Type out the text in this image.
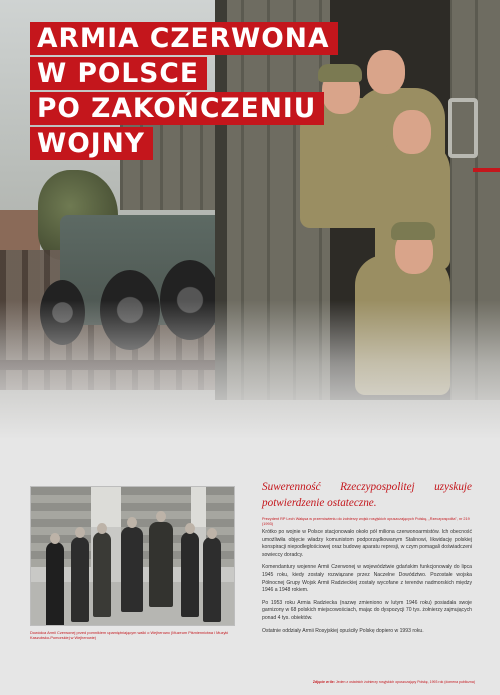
ARMIA CZERWONA
W POLSCE
PO ZAKOŃCZENIU
WOJNY
Dowódca Armii Czerwonej przed pomnikiem upamiętniającym walki o Wejherowo (Muzeum Piśmiennictwa i Muzyki Kaszubsko-Pomorskiej w Wejherowie)
Suwerenność Rzeczypospolitej uzyskuje potwierdzenie ostateczne.
Prezydent RP Lech Wałęsa w przemówieniu do żołnierzy wojsk rosyjskich opuszczających Polskę, „Rzeczpospolita", nr 219 (1993)

Krótko po wojnie w Polsce stacjonowało około pół miliona czerwonoarmistów. Ich obecność umożliwiła objęcie władzy komunistom podporządkowanym Stalinowi, likwidację polskiej konspiracji niepodległościowej oraz budowę aparatu represji, w czym pomagali doświadczeni sowieccy doradcy.

Komendantury wojenne Armii Czerwonej w województwie gdańskim funkcjonowały do lipca 1945 roku, kiedy zostały rozwiązane przez Naczelne Dowództwo. Pozostałe wojska Północnej Grupy Wojsk Armii Radzieckiej zostały wycofane z terenów nadmorskich między 1946 a 1948 rokiem.

Po 1953 roku Armia Radziecka (nazwę zmieniono w lutym 1946 roku) posiadała swoje garnizony w 68 polskich miejscowościach, mając do dyspozycji 70 tys. żołnierzy zajmujących ponad 4 tys. obiektów.

Ostatnie oddziały Armii Rosyjskiej opuściły Polskę dopiero w 1993 roku.

Zdjęcie w tle: Jeden z ostatnich żołnierzy rosyjskich opuszczający Polskę, 1993 rok (domena publiczna)
